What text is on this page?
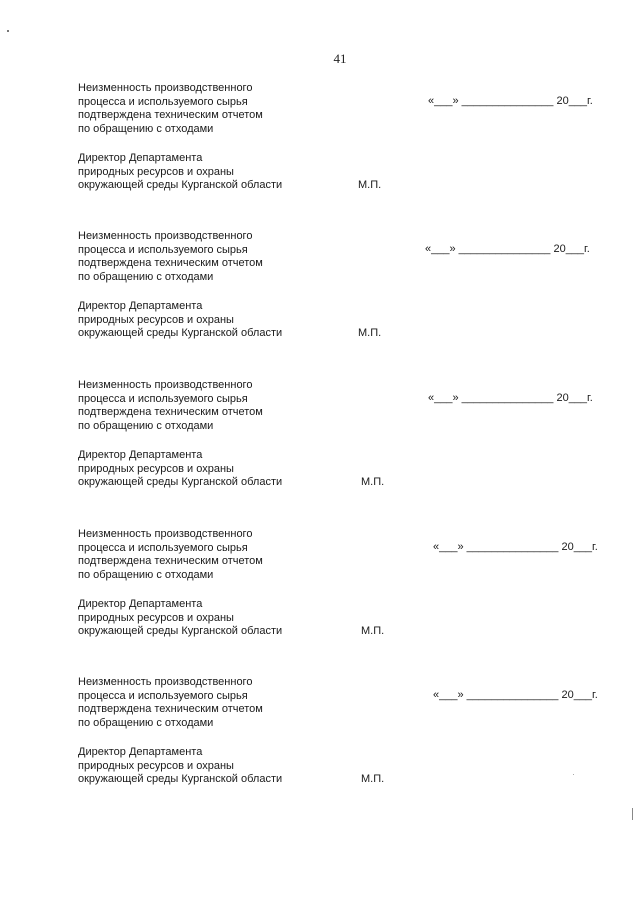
41
Неизменность производственного
процесса и используемого сырья
подтверждена техническим отчетом
по обращению с отходами
«___» _______________ 20___г.
Директор Департамента
природных ресурсов и охраны
окружающей среды Курганской области	М.П.
Неизменность производственного
процесса и используемого сырья
подтверждена техническим отчетом
по обращению с отходами
«___» _______________ 20___г.
Директор Департамента
природных ресурсов и охраны
окружающей среды Курганской области	М.П.
Неизменность производственного
процесса и используемого сырья
подтверждена техническим отчетом
по обращению с отходами
«___» _______________ 20___г.
Директор Департамента
природных ресурсов и охраны
окружающей среды Курганской области	М.П.
Неизменность производственного
процесса и используемого сырья
подтверждена техническим отчетом
по обращению с отходами
«___» _______________ 20___г.
Директор Департамента
природных ресурсов и охраны
окружающей среды Курганской области	М.П.
Неизменность производственного
процесса и используемого сырья
подтверждена техническим отчетом
по обращению с отходами
«___» _______________ 20___г.
Директор Департамента
природных ресурсов и охраны
окружающей среды Курганской области	М.П.
